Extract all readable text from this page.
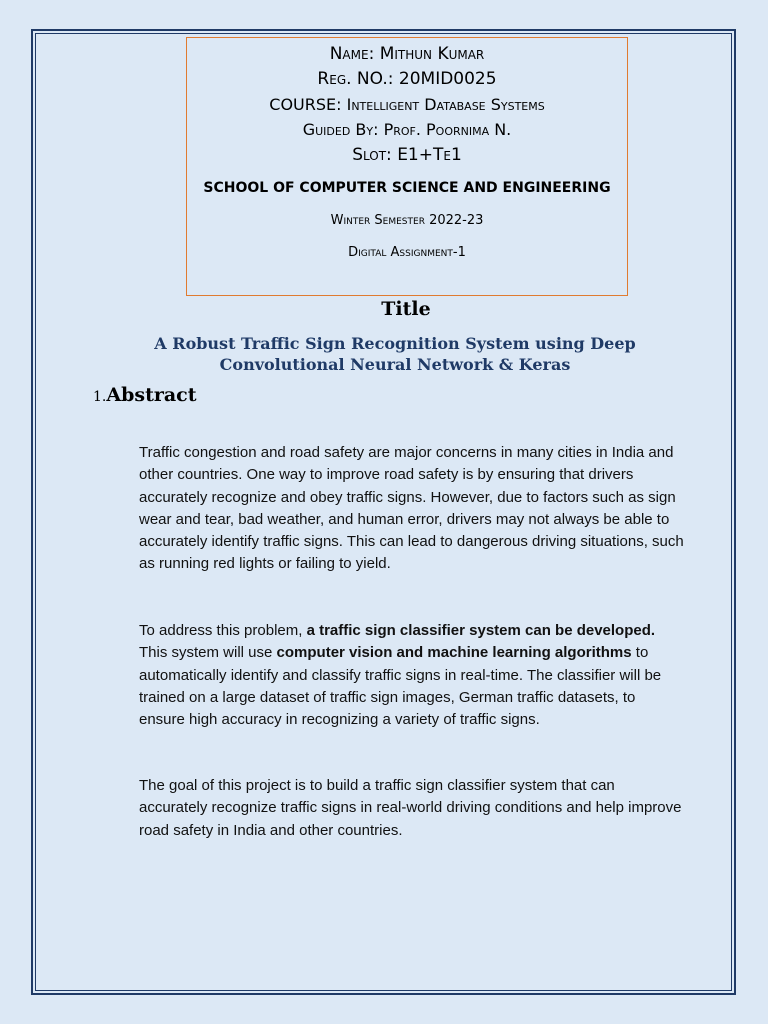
Name: Mithun Kumar
Reg. NO.: 20MID0025
COURSE: Intelligent Database Systems
Guided By: Prof. Poornima N.
Slot: E1+Te1
SCHOOL OF COMPUTER SCIENCE AND ENGINEERING
Winter Semester 2022-23
Digital Assignment-1
Title
A Robust Traffic Sign Recognition System using Deep Convolutional Neural Network & Keras
1.Abstract

Traffic congestion and road safety are major concerns in many cities in India and other countries. One way to improve road safety is by ensuring that drivers accurately recognize and obey traffic signs. However, due to factors such as sign wear and tear, bad weather, and human error, drivers may not always be able to accurately identify traffic signs. This can lead to dangerous driving situations, such as running red lights or failing to yield.

To address this problem, a traffic sign classifier system can be developed. This system will use computer vision and machine learning algorithms to automatically identify and classify traffic signs in real-time. The classifier will be trained on a large dataset of traffic sign images, German traffic datasets, to ensure high accuracy in recognizing a variety of traffic signs.

The goal of this project is to build a traffic sign classifier system that can accurately recognize traffic signs in real-world driving conditions and help improve road safety in India and other countries.
